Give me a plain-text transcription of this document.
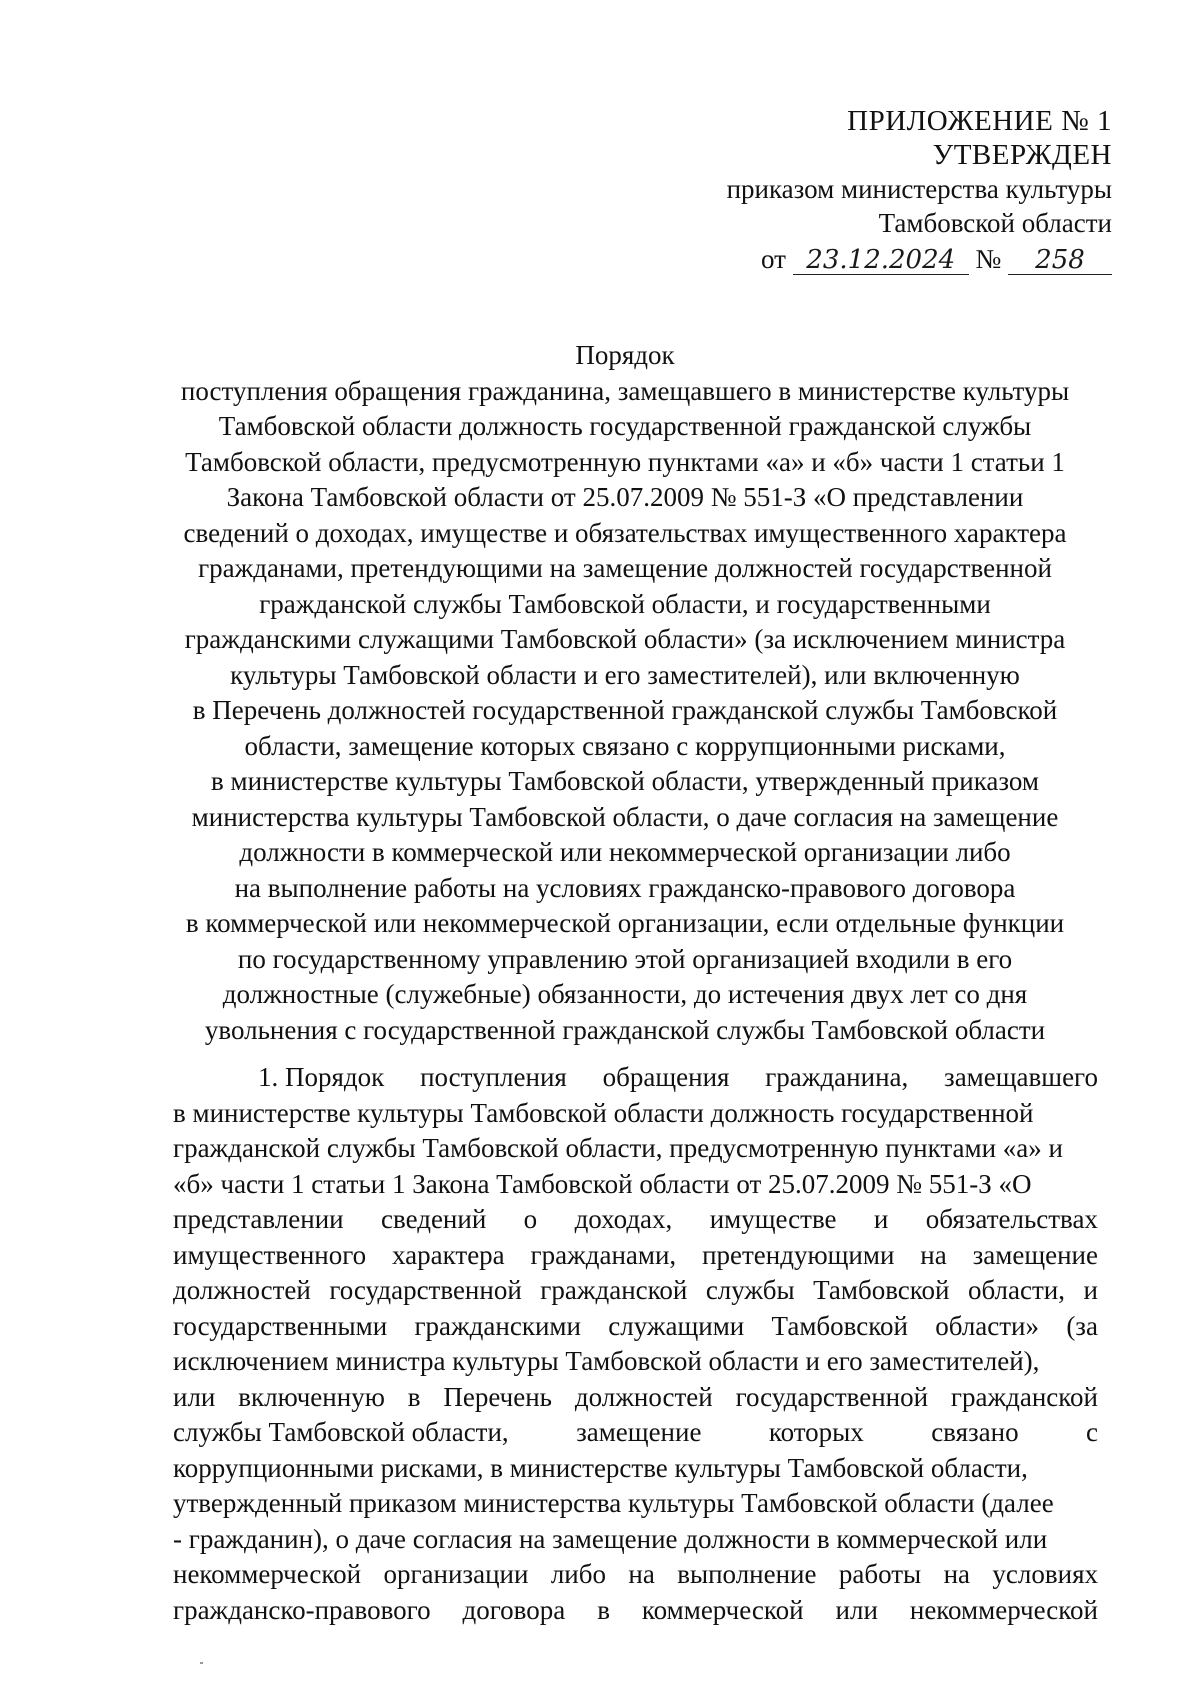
ПРИЛОЖЕНИЕ № 1
УТВЕРЖДЕН
приказом министерства культуры
Тамбовской области
от 23.12.2024 № 258
Порядок
поступления обращения гражданина, замещавшего в министерстве культуры
Тамбовской области должность государственной гражданской службы
Тамбовской области, предусмотренную пунктами «а» и «б» части 1 статьи 1
Закона Тамбовской области от 25.07.2009 № 551-З «О представлении
сведений о доходах, имуществе и обязательствах имущественного характера
гражданами, претендующими на замещение должностей государственной
гражданской службы Тамбовской области, и государственными
гражданскими служащими Тамбовской области» (за исключением министра
культуры Тамбовской области и его заместителей), или включенную
в Перечень должностей государственной гражданской службы Тамбовской
области, замещение которых связано с коррупционными рисками,
в министерстве культуры Тамбовской области, утвержденный приказом
министерства культуры Тамбовской области, о даче согласия на замещение
должности в коммерческой или некоммерческой организации либо
на выполнение работы на условиях гражданско-правового договора
в коммерческой или некоммерческой организации, если отдельные функции
по государственному управлению этой организацией входили в его
должностные (служебные) обязанности, до истечения двух лет со дня
увольнения с государственной гражданской службы Тамбовской области
1. Порядок поступления обращения гражданина, замещавшего
в министерстве культуры Тамбовской области должность государственной
гражданской службы Тамбовской области, предусмотренную пунктами «а» и
«б» части 1 статьи 1 Закона Тамбовской области от 25.07.2009 № 551-З «О
представлении сведений о доходах, имуществе и обязательствах
имущественного характера гражданами, претендующими на замещение
должностей государственной гражданской службы Тамбовской области, и
государственными гражданскими служащими Тамбовской области» (за
исключением министра культуры Тамбовской области и его заместителей),
или включенную в Перечень должностей государственной гражданской
службы Тамбовской области, замещение которых связано с
коррупционными рисками, в министерстве культуры Тамбовской области,
утвержденный приказом министерства культуры Тамбовской области (далее
- гражданин), о даче согласия на замещение должности в коммерческой или
некоммерческой организации либо на выполнение работы на условиях
гражданско-правового договора в коммерческой или некоммерческой
